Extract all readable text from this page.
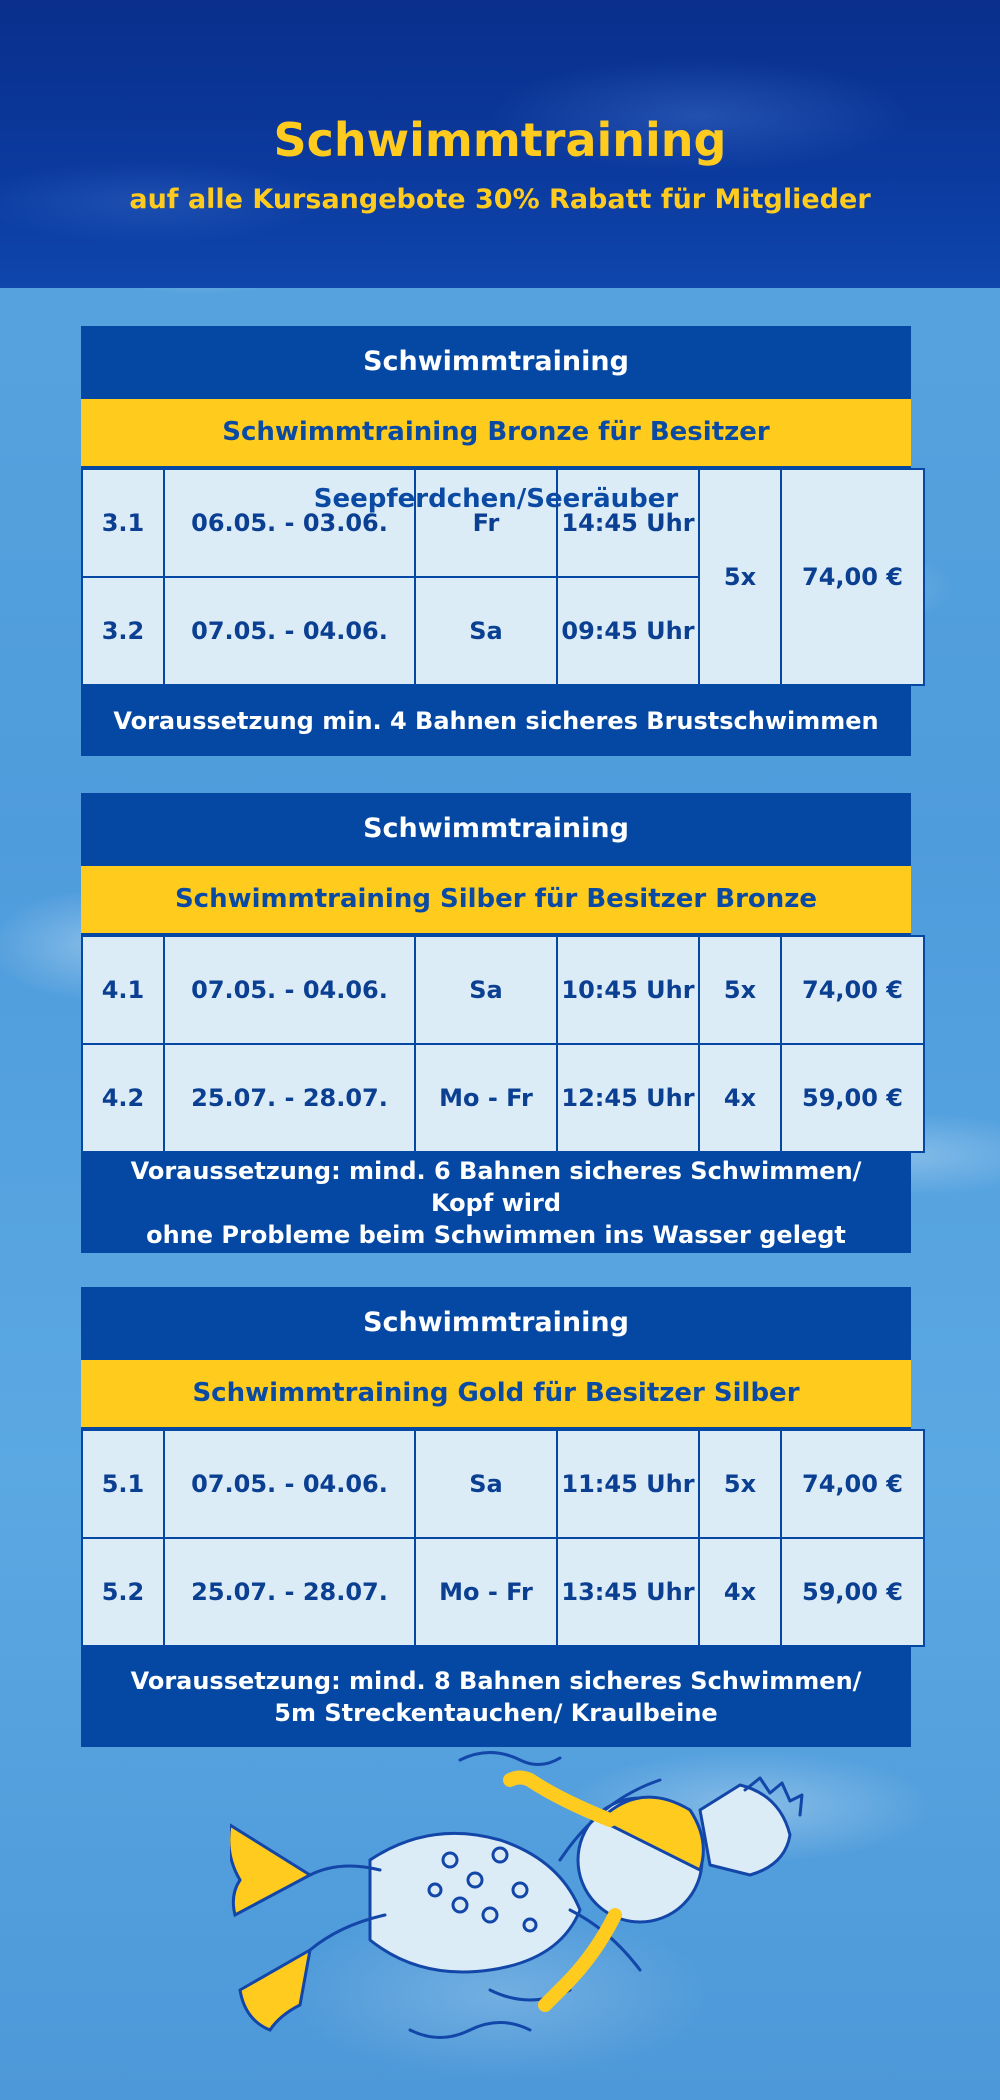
Schwimmtraining
auf alle Kursangebote 30% Rabatt für Mitglieder
Schwimmtraining
Schwimmtraining Bronze für Besitzer Seepferdchen/Seeräuber
3.1	06.05. - 03.06.	Fr	14:45 Uhr	5x	74,00 €
3.2	07.05. - 04.06.	Sa	09:45 Uhr		
Voraussetzung min. 4 Bahnen sicheres Brustschwimmen
Schwimmtraining
Schwimmtraining Silber für Besitzer Bronze
4.1	07.05. - 04.06.	Sa	10:45 Uhr	5x	74,00 €
4.2	25.07. - 28.07.	Mo - Fr	12:45 Uhr	4x	59,00 €
Voraussetzung: mind. 6 Bahnen sicheres Schwimmen/ Kopf wird
ohne Probleme beim Schwimmen ins Wasser gelegt
Schwimmtraining
Schwimmtraining Gold für Besitzer Silber
5.1	07.05. - 04.06.	Sa	11:45 Uhr	5x	74,00 €
5.2	25.07. - 28.07.	Mo - Fr	13:45 Uhr	4x	59,00 €
Voraussetzung: mind. 8 Bahnen sicheres Schwimmen/
5m Streckentauchen/ Kraulbeine
